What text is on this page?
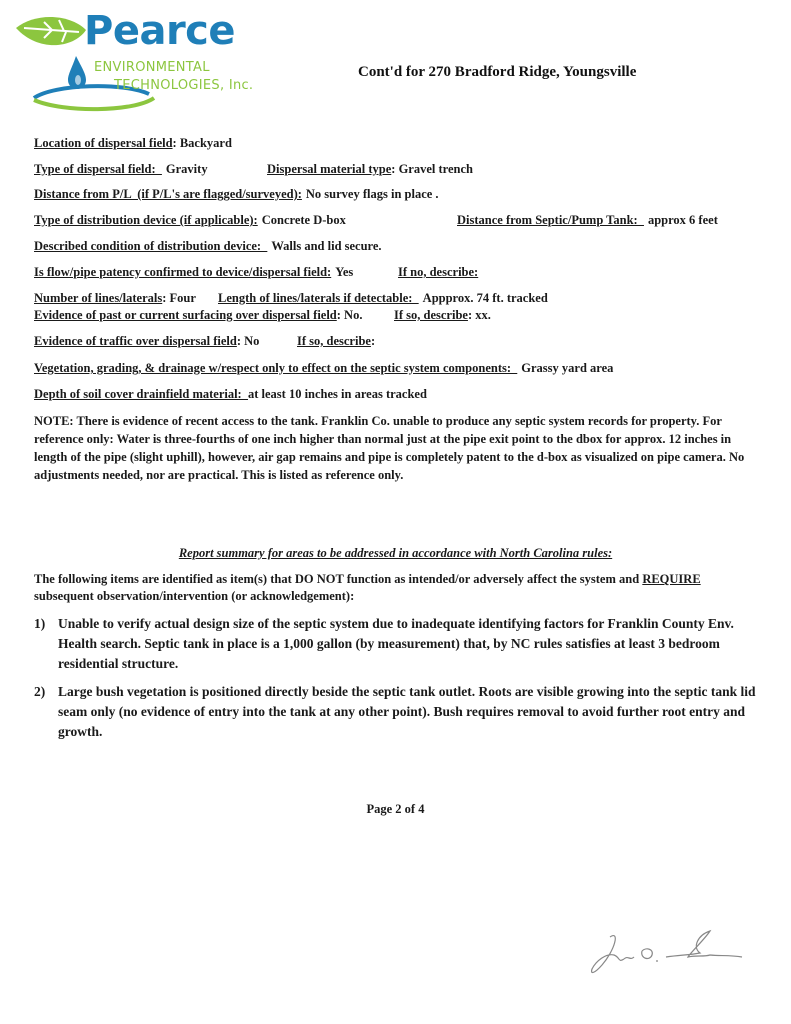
Pearce
ENVIRONMENTAL
TECHNOLOGIES, Inc.
Cont'd for 270 Bradford Ridge, Youngsville
Location of dispersal field: Backyard
Type of dispersal field:  Gravity	Dispersal material type: Gravel trench
Distance from P/L  (if P/L's are flagged/surveyed): No survey flags in place .
Type of distribution device (if applicable): Concrete D-box	Distance from Septic/Pump Tank:  approx 6 feet
Described condition of distribution device:  Walls and lid secure.
Is flow/pipe patency confirmed to device/dispersal field: Yes	If no, describe:
Number of lines/laterals: Four Length of lines/laterals if detectable:  Appprox. 74 ft. tracked
Evidence of past or current surfacing over dispersal field: No.	If so, describe: xx.
Evidence of traffic over dispersal field: No	If so, describe:
Vegetation, grading, & drainage w/respect only to effect on the septic system components:  Grassy yard area
Depth of soil cover drainfield material:  at least 10 inches in areas tracked
NOTE: There is evidence of recent access to the tank. Franklin Co. unable to produce any septic system records for property. For reference only: Water is three-fourths of one inch higher than normal just at the pipe exit point to the dbox for approx. 12 inches in length of the pipe (slight uphill), however, air gap remains and pipe is completely patent to the d-box as visualized on pipe camera. No adjustments needed, nor are practical. This is listed as reference only.
Report summary for areas to be addressed in accordance with North Carolina rules:
The following items are identified as item(s) that DO NOT function as intended/or adversely affect the system and REQUIRE subsequent observation/intervention (or acknowledgement):
1) Unable to verify actual design size of the septic system due to inadequate identifying factors for Franklin County Env. Health search. Septic tank in place is a 1,000 gallon (by measurement) that, by NC rules satisfies at least 3 bedroom residential structure.
2) Large bush vegetation is positioned directly beside the septic tank outlet. Roots are visible growing into the septic tank lid seam only (no evidence of entry into the tank at any other point). Bush requires removal to avoid further root entry and growth.
Page 2 of 4
